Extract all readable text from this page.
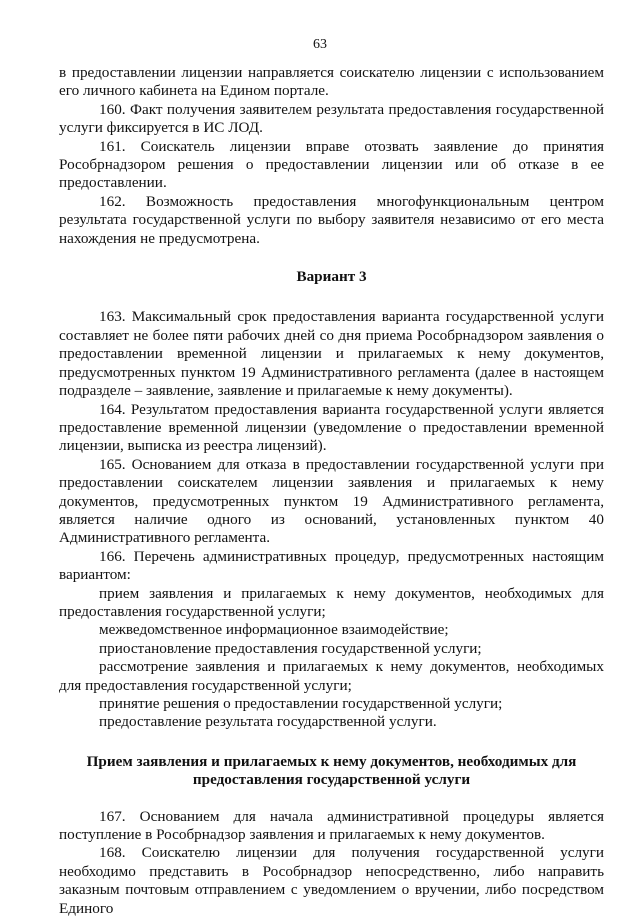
63

в предоставлении лицензии направляется соискателю лицензии с использованием его личного кабинета на Едином портале.

160. Факт получения заявителем результата предоставления государственной услуги фиксируется в ИС ЛОД.

161. Соискатель лицензии вправе отозвать заявление до принятия Рособрнадзором решения о предоставлении лицензии или об отказе в ее предоставлении.

162. Возможность предоставления многофункциональным центром результата государственной услуги по выбору заявителя независимо от его места нахождения не предусмотрена.

Вариант 3

163. Максимальный срок предоставления варианта государственной услуги составляет не более пяти рабочих дней со дня приема Рособрнадзором заявления о предоставлении временной лицензии и прилагаемых к нему документов, предусмотренных пунктом 19 Административного регламента (далее в настоящем подразделе – заявление, заявление и прилагаемые к нему документы).

164. Результатом предоставления варианта государственной услуги является предоставление временной лицензии (уведомление о предоставлении временной лицензии, выписка из реестра лицензий).

165. Основанием для отказа в предоставлении государственной услуги при предоставлении соискателем лицензии заявления и прилагаемых к нему документов, предусмотренных пунктом 19 Административного регламента, является наличие одного из оснований, установленных пунктом 40 Административного регламента.

166. Перечень административных процедур, предусмотренных настоящим вариантом:

прием заявления и прилагаемых к нему документов, необходимых для предоставления государственной услуги;

межведомственное информационное взаимодействие;

приостановление предоставления государственной услуги;

рассмотрение заявления и прилагаемых к нему документов, необходимых для предоставления государственной услуги;

принятие решения о предоставлении государственной услуги;

предоставление результата государственной услуги.

Прием заявления и прилагаемых к нему документов, необходимых для предоставления государственной услуги

167. Основанием для начала административной процедуры является поступление в Рособрнадзор заявления и прилагаемых к нему документов.

168. Соискателю лицензии для получения государственной услуги необходимо представить в Рособрнадзор непосредственно, либо направить заказным почтовым отправлением с уведомлением о вручении, либо посредством Единого
